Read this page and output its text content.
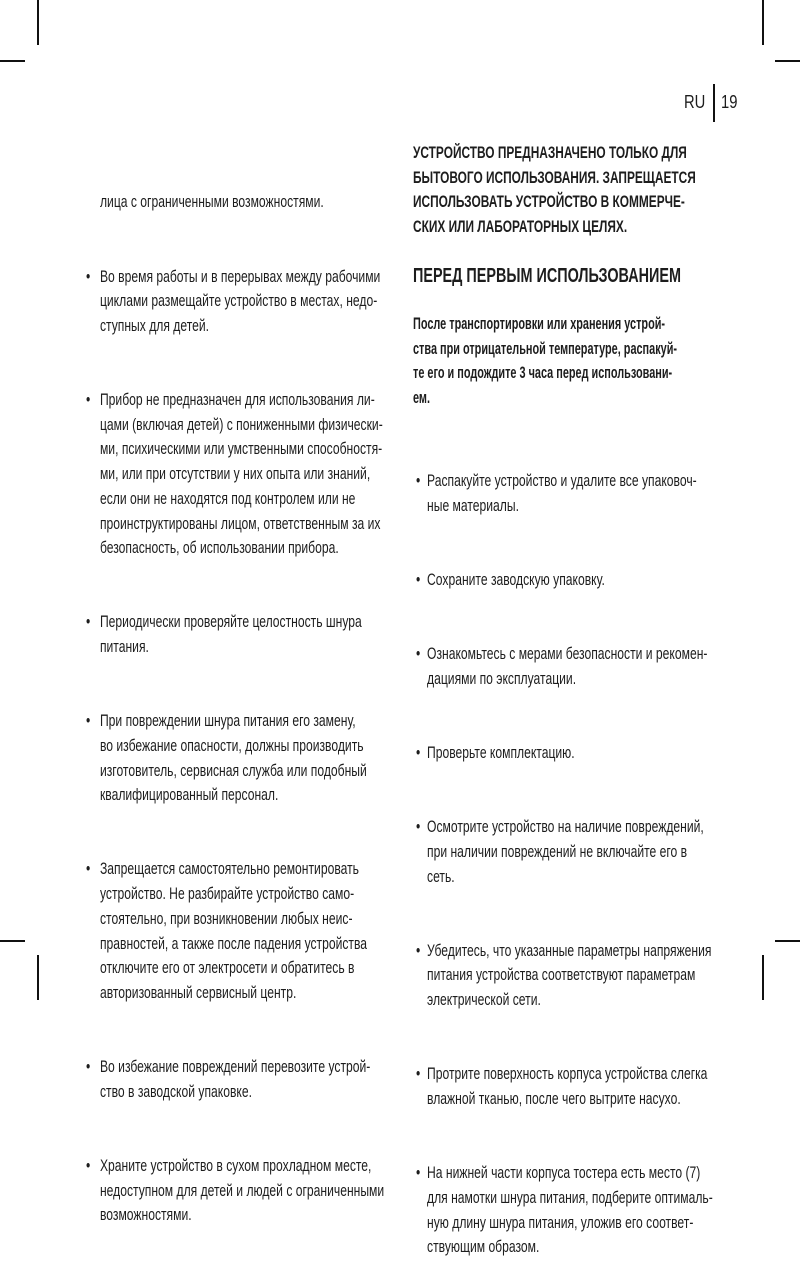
RU 19

лица с ограниченными возможностями.

• Во время работы и в перерывах между рабочими
циклами размещайте устройство в местах, недо-
ступных для детей.

• Прибор не предназначен для использования ли-
цами (включая детей) с пониженными физически-
ми, психическими или умственными способностя-
ми, или при отсутствии у них опыта или знаний,
если они не находятся под контролем или не
проинструктированы лицом, ответственным за их
безопасность, об использовании прибора.

• Периодически проверяйте целостность шнура
питания.

• При повреждении шнура питания его замену,
во избежание опасности, должны производить
изготовитель, сервисная служба или подобный
квалифицированный персонал.

• Запрещается самостоятельно ремонтировать
устройство. Не разбирайте устройство само-
стоятельно, при возникновении любых неис-
правностей, а также после падения устройства
отключите его от электросети и обратитесь в
авторизованный сервисный центр.

• Во избежание повреждений перевозите устрой-
ство в заводской упаковке.

• Храните устройство в сухом прохладном месте,
недоступном для детей и людей с ограниченными
возможностями.

УСТРОЙСТВО ПРЕДНАЗНАЧЕНО ТОЛЬКО ДЛЯ
БЫТОВОГО ИСПОЛЬЗОВАНИЯ. ЗАПРЕЩАЕТСЯ
ИСПОЛЬЗОВАТЬ УСТРОЙСТВО В КОММЕРЧЕ-
СКИХ ИЛИ ЛАБОРАТОРНЫХ ЦЕЛЯХ.
ПЕРЕД ПЕРВЫМ ИСПОЛЬЗОВАНИЕМ
После транспортировки или хранения устрой-
ства при отрицательной температуре, распакуй-
те его и подождите 3 часа перед использовани-
ем.

• Распакуйте устройство и удалите все упаковоч-
ные материалы.

• Сохраните заводскую упаковку.

• Ознакомьтесь с мерами безопасности и рекомен-
дациями по эксплуатации.

• Проверьте комплектацию.

• Осмотрите устройство на наличие повреждений,
при наличии повреждений не включайте его в
сеть.

• Убедитесь, что указанные параметры напряжения
питания устройства соответствуют параметрам
электрической сети.

• Протрите поверхность корпуса устройства слегка
влажной тканью, после чего вытрите насухо.

• На нижней части корпуса тостера есть место (7)
для намотки шнура питания, подберите оптималь-
ную длину шнура питания, уложив его соответ-
ствующим образом.
